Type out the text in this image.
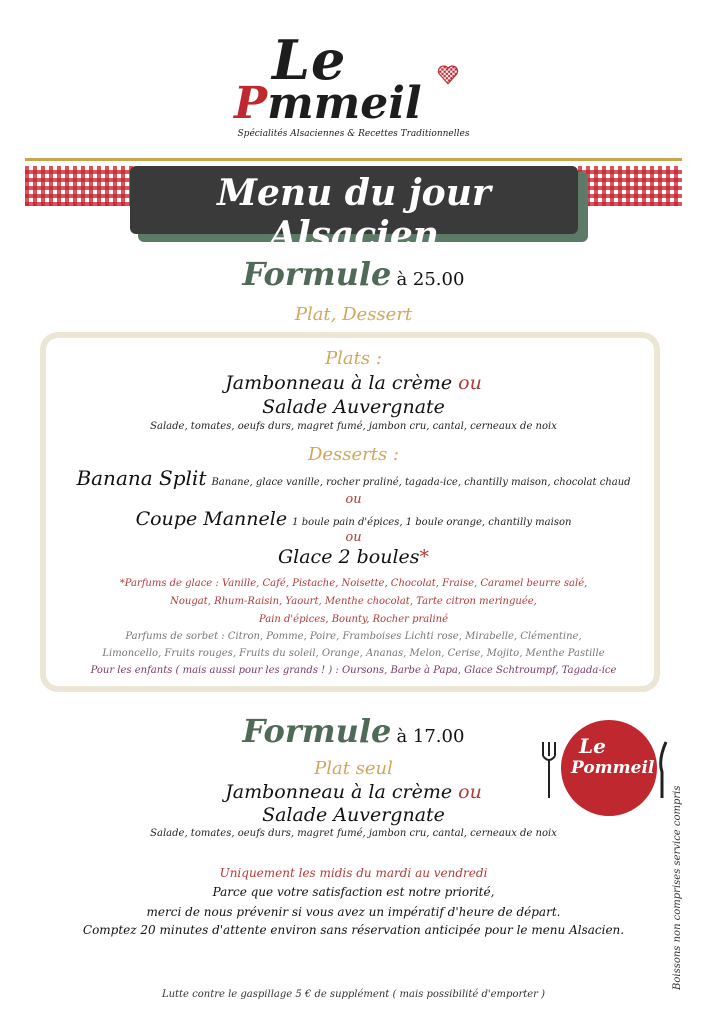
Le
Pmmeil
Spécialités Alsaciennes & Recettes Traditionnelles
Menu du jour Alsacien
Formule à 25.00
Plat, Dessert
Plats :
Jambonneau à la crème ou
Salade Auvergnate
Salade, tomates, oeufs durs, magret fumé, jambon cru, cantal, cerneaux de noix
Desserts :
Banana Split Banane, glace vanille, rocher praliné, tagada-ice, chantilly maison, chocolat chaud
ou
Coupe Mannele 1 boule pain d'épices, 1 boule orange, chantilly maison
ou
Glace 2 boules*
*Parfums de glace : Vanille, Café, Pistache, Noisette, Chocolat, Fraise, Caramel beurre salé,
Nougat, Rhum-Raisin, Yaourt, Menthe chocolat, Tarte citron meringuée,
Pain d'épices, Bounty, Rocher praliné
Parfums de sorbet : Citron, Pomme, Poire, Framboises Lichti rose, Mirabelle, Clémentine,
Limoncello, Fruits rouges, Fruits du soleil, Orange, Ananas, Melon, Cerise, Mojito, Menthe Pastille
Pour les enfants ( mais aussi pour les grands ! ) : Oursons, Barbe à Papa, Glace Schtroumpf, Tagada-ice
Formule à 17.00
Plat seul
Jambonneau à la crème ou
Salade Auvergnate
Salade, tomates, oeufs durs, magret fumé, jambon cru, cantal, cerneaux de noix
Le
Pommeil
Uniquement les midis du mardi au vendredi
Parce que votre satisfaction est notre priorité,
merci de nous prévenir si vous avez un impératif d'heure de départ.
Comptez 20 minutes d'attente environ sans réservation anticipée pour le menu Alsacien.
Lutte contre le gaspillage 5 € de supplément ( mais possibilité d'emporter )
Boissons non comprises service compris
